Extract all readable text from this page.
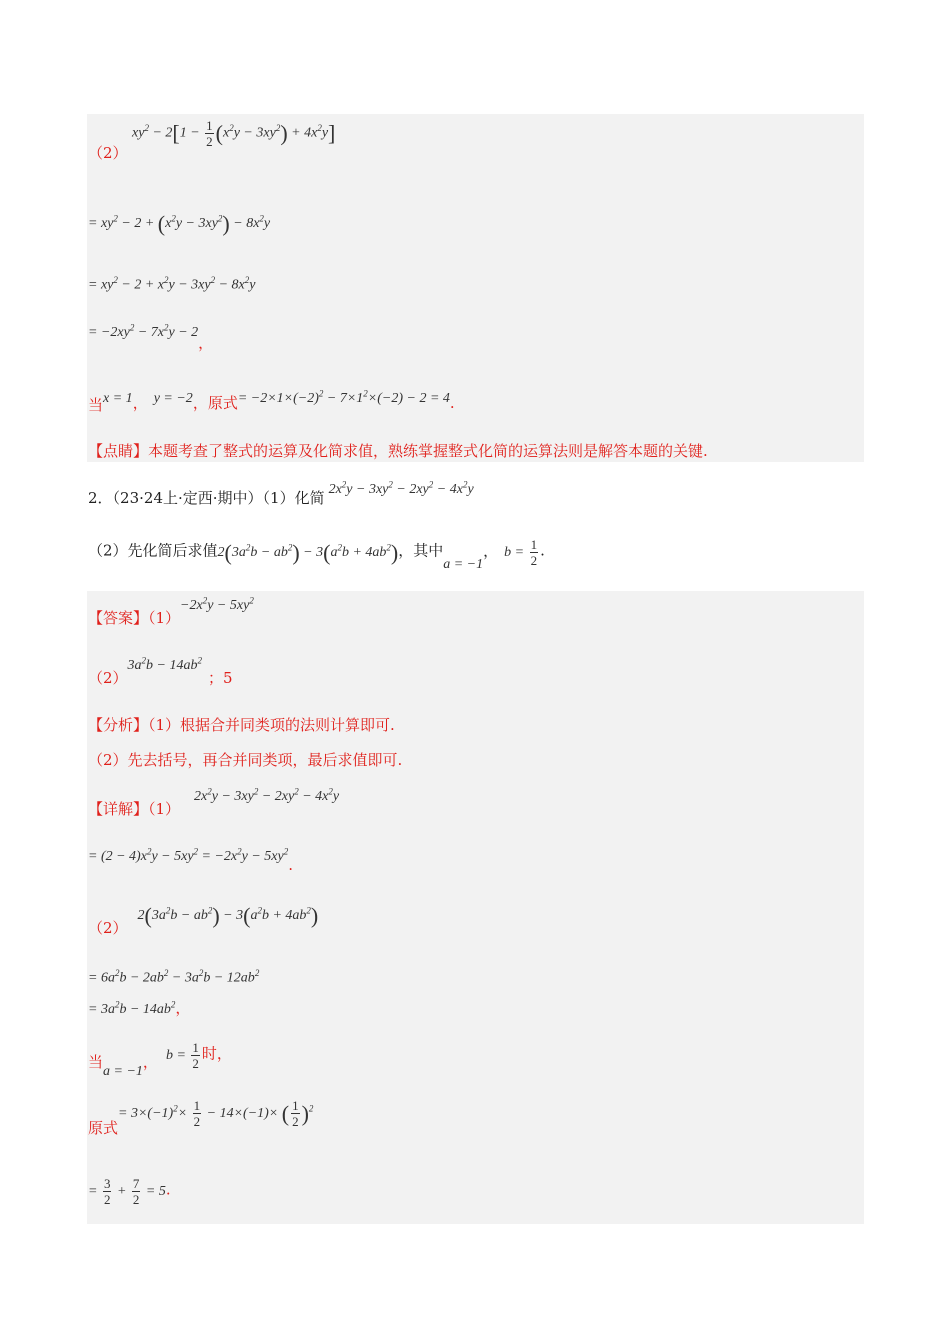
（2）
$xy^2 - 2[1 - \frac{1}{2} (x^2y - 3xy^2) + 4x^2y]$
= $xy^2 - 2 + (x^2y - 3xy^2) - 8x^2y$
= $xy^2 - 2 + x^2y - 3xy^2 - 8x^2y$
= $-2xy^2 - 7x^2y - 2$，
当x = 1， y = −2，原式= $-2\times 1\times(-2)^2 - 7\times 1^2\times(-2) - 2 = 4$.
【点睛】本题考查了整式的运算及化简求值，熟练掌握整式化简的运算法则是解答本题的关键.
2．（23·24上·定西·期中）（1）化简 $2x^2y - 3xy^2 - 2xy^2 - 4x^2y$
（2）先化简后求值$2(3a^2b - ab^2) - 3(a^2b + 4ab^2)$，其中a = −1， $b = \frac{1}{2}$ .
【答案】$(1)-2x^2y - 5xy^2$
$(2)3a^2b - 14ab^2$；5
【分析】（1）根据合并同类项的法则计算即可.
（2）先去括号，再合并同类项，最后求值即可.
【详解】$(1)2x^2y - 3xy^2 - 2xy^2 - 4x^2y$
= $(2 - 4)x^2y - 5xy^2 = -2x^2y - 5xy^2$.
$(2)2(3a^2b - ab^2) - 3(a^2b + 4ab^2)$
= $6a^2b - 2ab^2 - 3a^2b - 12ab^2$
= $3a^2b - 14ab^2$，
当a = −1， $b = \frac{1}{2}$ 时，
原式= $3\times(-1)^2\times \frac{1}{2} - 14\times(-1)\times$ ( $\frac{1}{2} )^2$
= $\frac{3}{2} + \frac{7}{2} = 5$.
